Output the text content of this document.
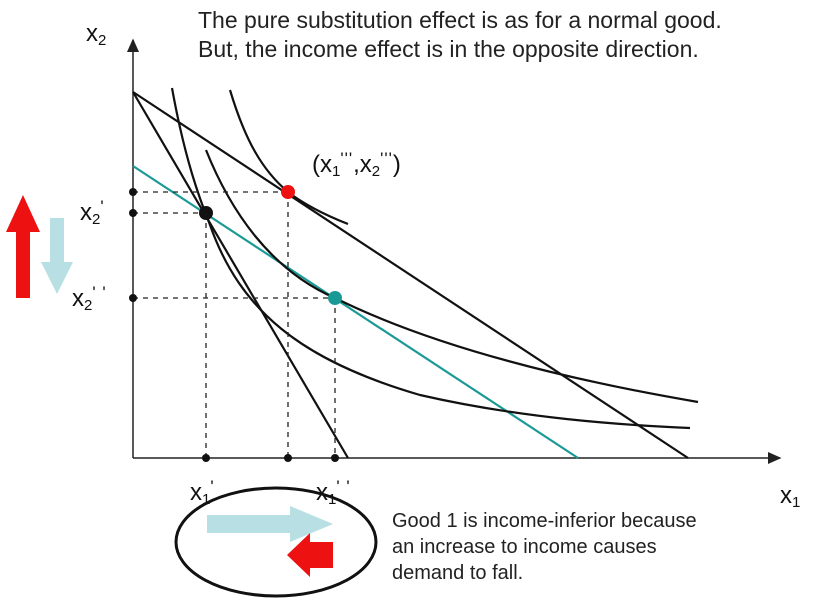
The pure substitution effect is as for a normal good.
But, the income effect is in the opposite direction.
$x_2$
$x_1$
$x_2'$
$x_2^{' '}$
$x_1'$	$x_1^{' '}$
$(x_1''',x_2''')$
Good 1 is income-inferior because
an increase to income causes
demand to fall.
